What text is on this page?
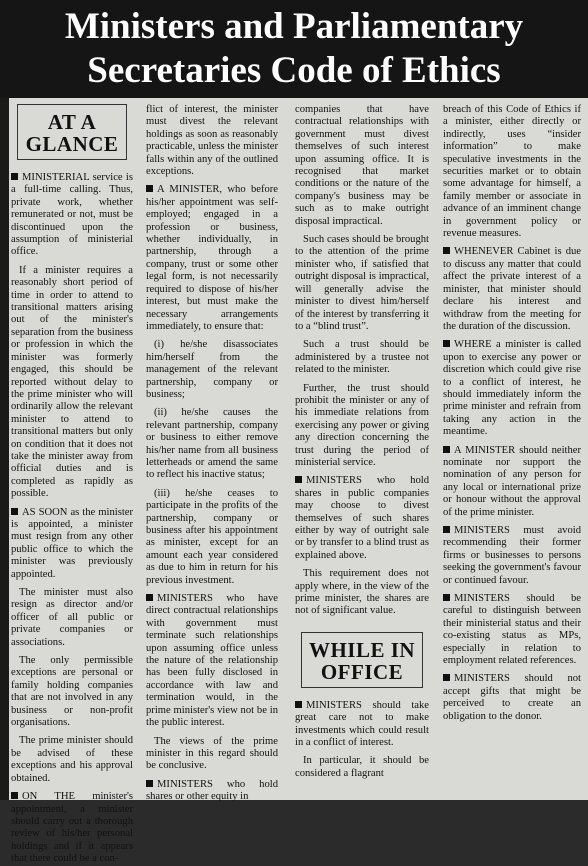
Ministers and Parliamentary
Secretaries Code of Ethics
AT A
GLANCE

MINISTERIAL service is a full-time calling. Thus, private work, whether remunerated or not, must be discontinued upon the assumption of ministerial office.

If a minister requires a reasonably short period of time in order to attend to transitional matters arising out of the minister's separation from the business or profession in which the minister was formerly engaged, this should be reported without delay to the prime minister who will ordinarily allow the relevant minister to attend to transitional matters but only on condition that it does not take the minister away from official duties and is completed as rapidly as possible.

AS SOON as the minister is appointed, a minister must resign from any other public office to which the minister was previously appointed.

The minister must also resign as director and/or officer of all public or private companies or associations.

The only permissible exceptions are personal or family holding companies that are not involved in any business or non-profit organisations.

The prime minister should be advised of these exceptions and his approval obtained.

ON THE minister's appointment, a minister should carry out a thorough review of his/her personal holdings and if it appears that there could be a con-

flict of interest, the minister must divest the relevant holdings as soon as reasonably practicable, unless the minister falls within any of the outlined exceptions.

A MINISTER, who before his/her appointment was self-employed; engaged in a profession or business, whether individually, in partnership, through a company, trust or some other legal form, is not necessarily required to dispose of his/her interest, but must make the necessary arrangements immediately, to ensure that:

(i) he/she disassociates him/herself from the management of the relevant partnership, company or business;

(ii) he/she causes the relevant partnership, company or business to either remove his/her name from all business letterheads or amend the same to reflect his inactive status;

(iii) he/she ceases to participate in the profits of the partnership, company or business after his appointment as minister, except for an amount each year considered as due to him in return for his previous investment.

MINISTERS who have direct contractual relationships with government must terminate such relationships upon assuming office unless the nature of the relationship has been fully disclosed in accordance with law and termination would, in the prime minister's view not be in the public interest.

The views of the prime minister in this regard should be conclusive.

MINISTERS who hold shares or other equity in

companies that have contractual relationships with government must divest themselves of such interest upon assuming office. It is recognised that market conditions or the nature of the company's business may be such as to make outright disposal impractical.

Such cases should be brought to the attention of the prime minister who, if satisfied that outright disposal is impractical, will generally advise the minister to divest him/herself of the interest by transferring it to a “blind trust”.

Such a trust should be administered by a trustee not related to the minister.

Further, the trust should prohibit the minister or any of his immediate relations from exercising any power or giving any direction concerning the trust during the period of ministerial service.

MINISTERS who hold shares in public companies may choose to divest themselves of such shares either by way of outright sale or by transfer to a blind trust as explained above.

This requirement does not apply where, in the view of the prime minister, the shares are not of significant value.

WHILE IN
OFFICE

MINISTERS should take great care not to make investments which could result in a conflict of interest.

In particular, it should be considered a flagrant

breach of this Code of Ethics if a minister, either directly or indirectly, uses “insider information” to make speculative investments in the securities market or to obtain some advantage for himself, a family member or associate in advance of an imminent change in government policy or revenue measures.

WHENEVER Cabinet is due to discuss any matter that could affect the private interest of a minister, that minister should declare his interest and withdraw from the meeting for the duration of the discussion.

WHERE a minister is called upon to exercise any power or discretion which could give rise to a conflict of interest, he should immediately inform the prime minister and refrain from taking any action in the meantime.

A MINISTER should neither nominate nor support the nomination of any person for any local or international prize or honour without the approval of the prime minister.

MINISTERS must avoid recommending their former firms or businesses to persons seeking the government's favour or continued favour.

MINISTERS should be careful to distinguish between their ministerial status and their co-existing status as MPs, especially in relation to employment related references.

MINISTERS should not accept gifts that might be perceived to create an obligation to the donor.
